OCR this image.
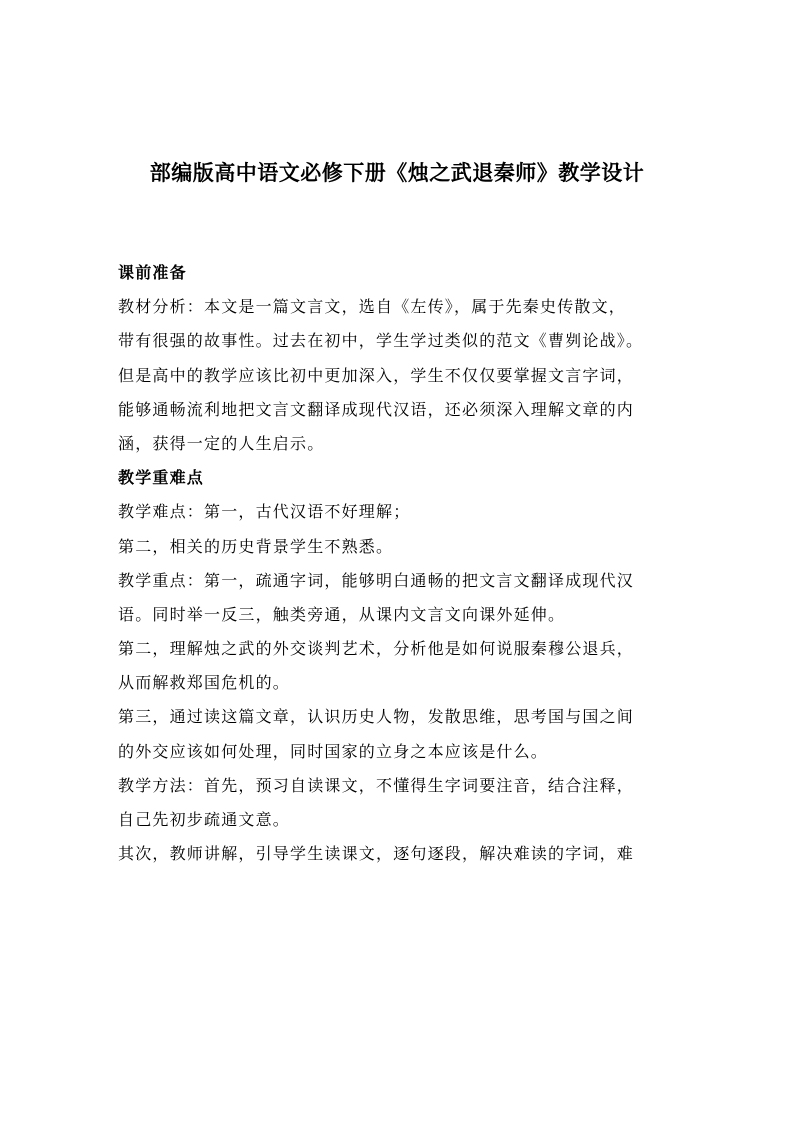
部编版高中语文必修下册《烛之武退秦师》教学设计
课前准备
教材分析：本文是一篇文言文，选自《左传》，属于先秦史传散文，
带有很强的故事性。过去在初中，学生学过类似的范文《曹刿论战》。
但是高中的教学应该比初中更加深入，学生不仅仅要掌握文言字词，
能够通畅流利地把文言文翻译成现代汉语，还必须深入理解文章的内
涵，获得一定的人生启示。
教学重难点
教学难点：第一，古代汉语不好理解；
第二，相关的历史背景学生不熟悉。
教学重点：第一，疏通字词，能够明白通畅的把文言文翻译成现代汉
语。同时举一反三，触类旁通，从课内文言文向课外延伸。
第二，理解烛之武的外交谈判艺术，分析他是如何说服秦穆公退兵，
从而解救郑国危机的。
第三，通过读这篇文章，认识历史人物，发散思维，思考国与国之间
的外交应该如何处理，同时国家的立身之本应该是什么。
教学方法：首先，预习自读课文，不懂得生字词要注音，结合注释，
自己先初步疏通文意。
其次，教师讲解，引导学生读课文，逐句逐段，解决难读的字词，难
